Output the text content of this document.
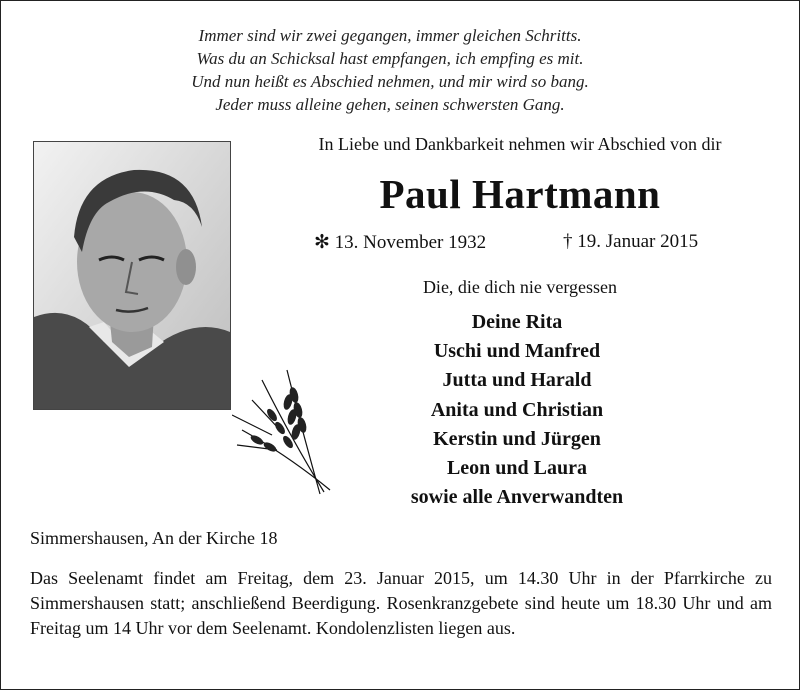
Immer sind wir zwei gegangen, immer gleichen Schritts.
Was du an Schicksal hast empfangen, ich empfing es mit.
Und nun heißt es Abschied nehmen, und mir wird so bang.
Jeder muss alleine gehen, seinen schwersten Gang.
In Liebe und Dankbarkeit nehmen wir Abschied von dir
Paul Hartmann
✻ 13. November 1932	† 19. Januar 2015
Die, die dich nie vergessen
Deine Rita
Uschi und Manfred
Jutta und Harald
Anita und Christian
Kerstin und Jürgen
Leon und Laura
sowie alle Anverwandten
Simmershausen, An der Kirche 18

Das Seelenamt findet am Freitag, dem 23. Januar 2015, um 14.30 Uhr in der Pfarrkirche zu Simmershausen statt; anschließend Beerdigung. Rosenkranzgebete sind heute um 18.30 Uhr und am Freitag um 14 Uhr vor dem Seelenamt. Kondolenzlisten liegen aus.
